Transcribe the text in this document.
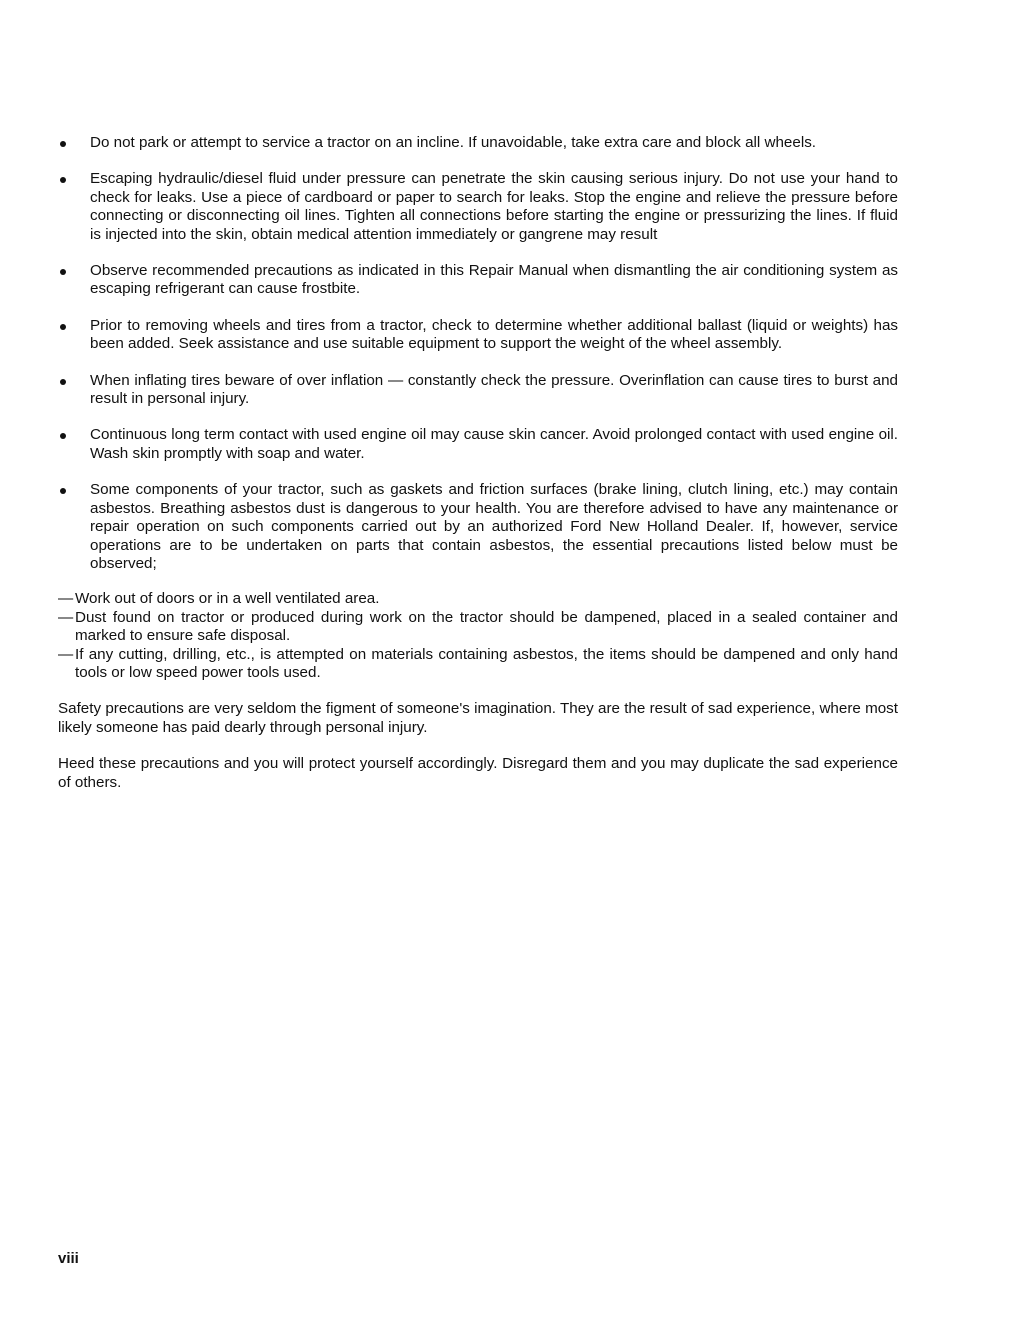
Do not park or attempt to service a tractor on an incline. If unavoidable, take extra care and block all wheels.
Escaping hydraulic/diesel fluid under pressure can penetrate the skin causing serious injury. Do not use your hand to check for leaks. Use a piece of cardboard or paper to search for leaks. Stop the engine and relieve the pressure before connecting or disconnecting oil lines. Tighten all connections before starting the engine or pressurizing the lines. If fluid is injected into the skin, obtain medical attention immediately or gangrene may result
Observe recommended precautions as indicated in this Repair Manual when dismantling the air conditioning system as escaping refrigerant can cause frostbite.
Prior to removing wheels and tires from a tractor, check to determine whether additional ballast (liquid or weights) has been added. Seek assistance and use suitable equipment to support the weight of the wheel assembly.
When inflating tires beware of over inflation — constantly check the pressure. Overinflation can cause tires to burst and result in personal injury.
Continuous long term contact with used engine oil may cause skin cancer. Avoid prolonged contact with used engine oil. Wash skin promptly with soap and water.
Some components of your tractor, such as gaskets and friction surfaces (brake lining, clutch lining, etc.) may contain asbestos. Breathing asbestos dust is dangerous to your health. You are therefore advised to have any maintenance or repair operation on such components carried out by an authorized Ford New Holland Dealer. If, however, service operations are to be undertaken on parts that contain asbestos, the essential precautions listed below must be observed;
— Work out of doors or in a well ventilated area.
— Dust found on tractor or produced during work on the tractor should be dampened, placed in a sealed container and marked to ensure safe disposal.
— If any cutting, drilling, etc., is attempted on materials containing asbestos, the items should be dampened and only hand tools or low speed power tools used.

Safety precautions are very seldom the figment of someone's imagination. They are the result of sad experience, where most likely someone has paid dearly through personal injury.

Heed these precautions and you will protect yourself accordingly. Disregard them and you may duplicate the sad experience of others.

viii
